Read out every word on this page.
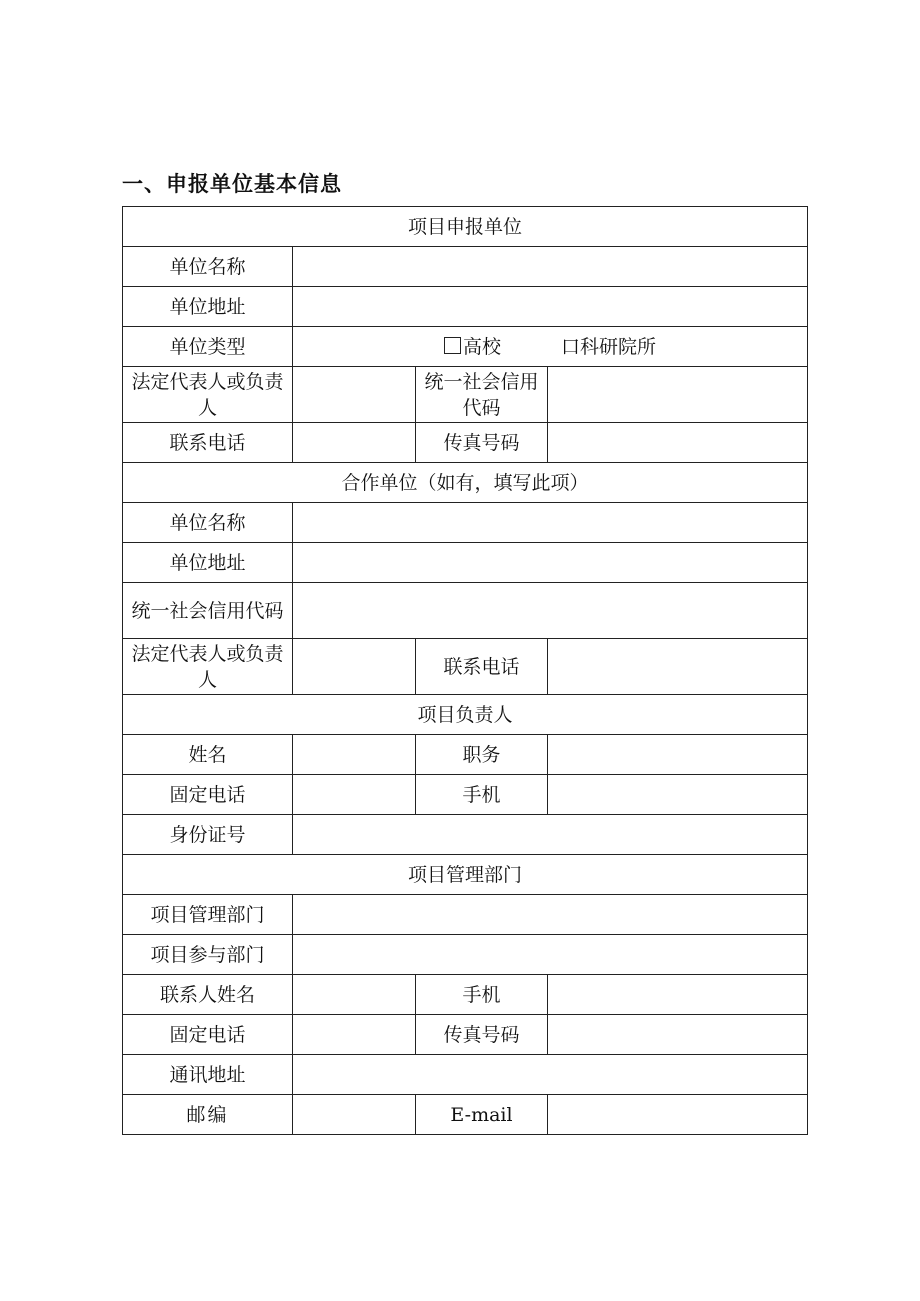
一、申报单位基本信息
项目申报单位			
单位名称			
单位地址			
单位类型	高校 口科研院所		
法定代表人或负责人		统一社会信用代码	
联系电话		传真号码	
合作单位（如有，填写此项）			
单位名称			
单位地址			
统一社会信用代码			
法定代表人或负责人		联系电话	
项目负责人			
姓名		职务	
固定电话		手机	
身份证号			
项目管理部门			
项目管理部门			
项目参与部门			
联系人姓名		手机	
固定电话		传真号码	
通讯地址			
邮编		E-mail	
